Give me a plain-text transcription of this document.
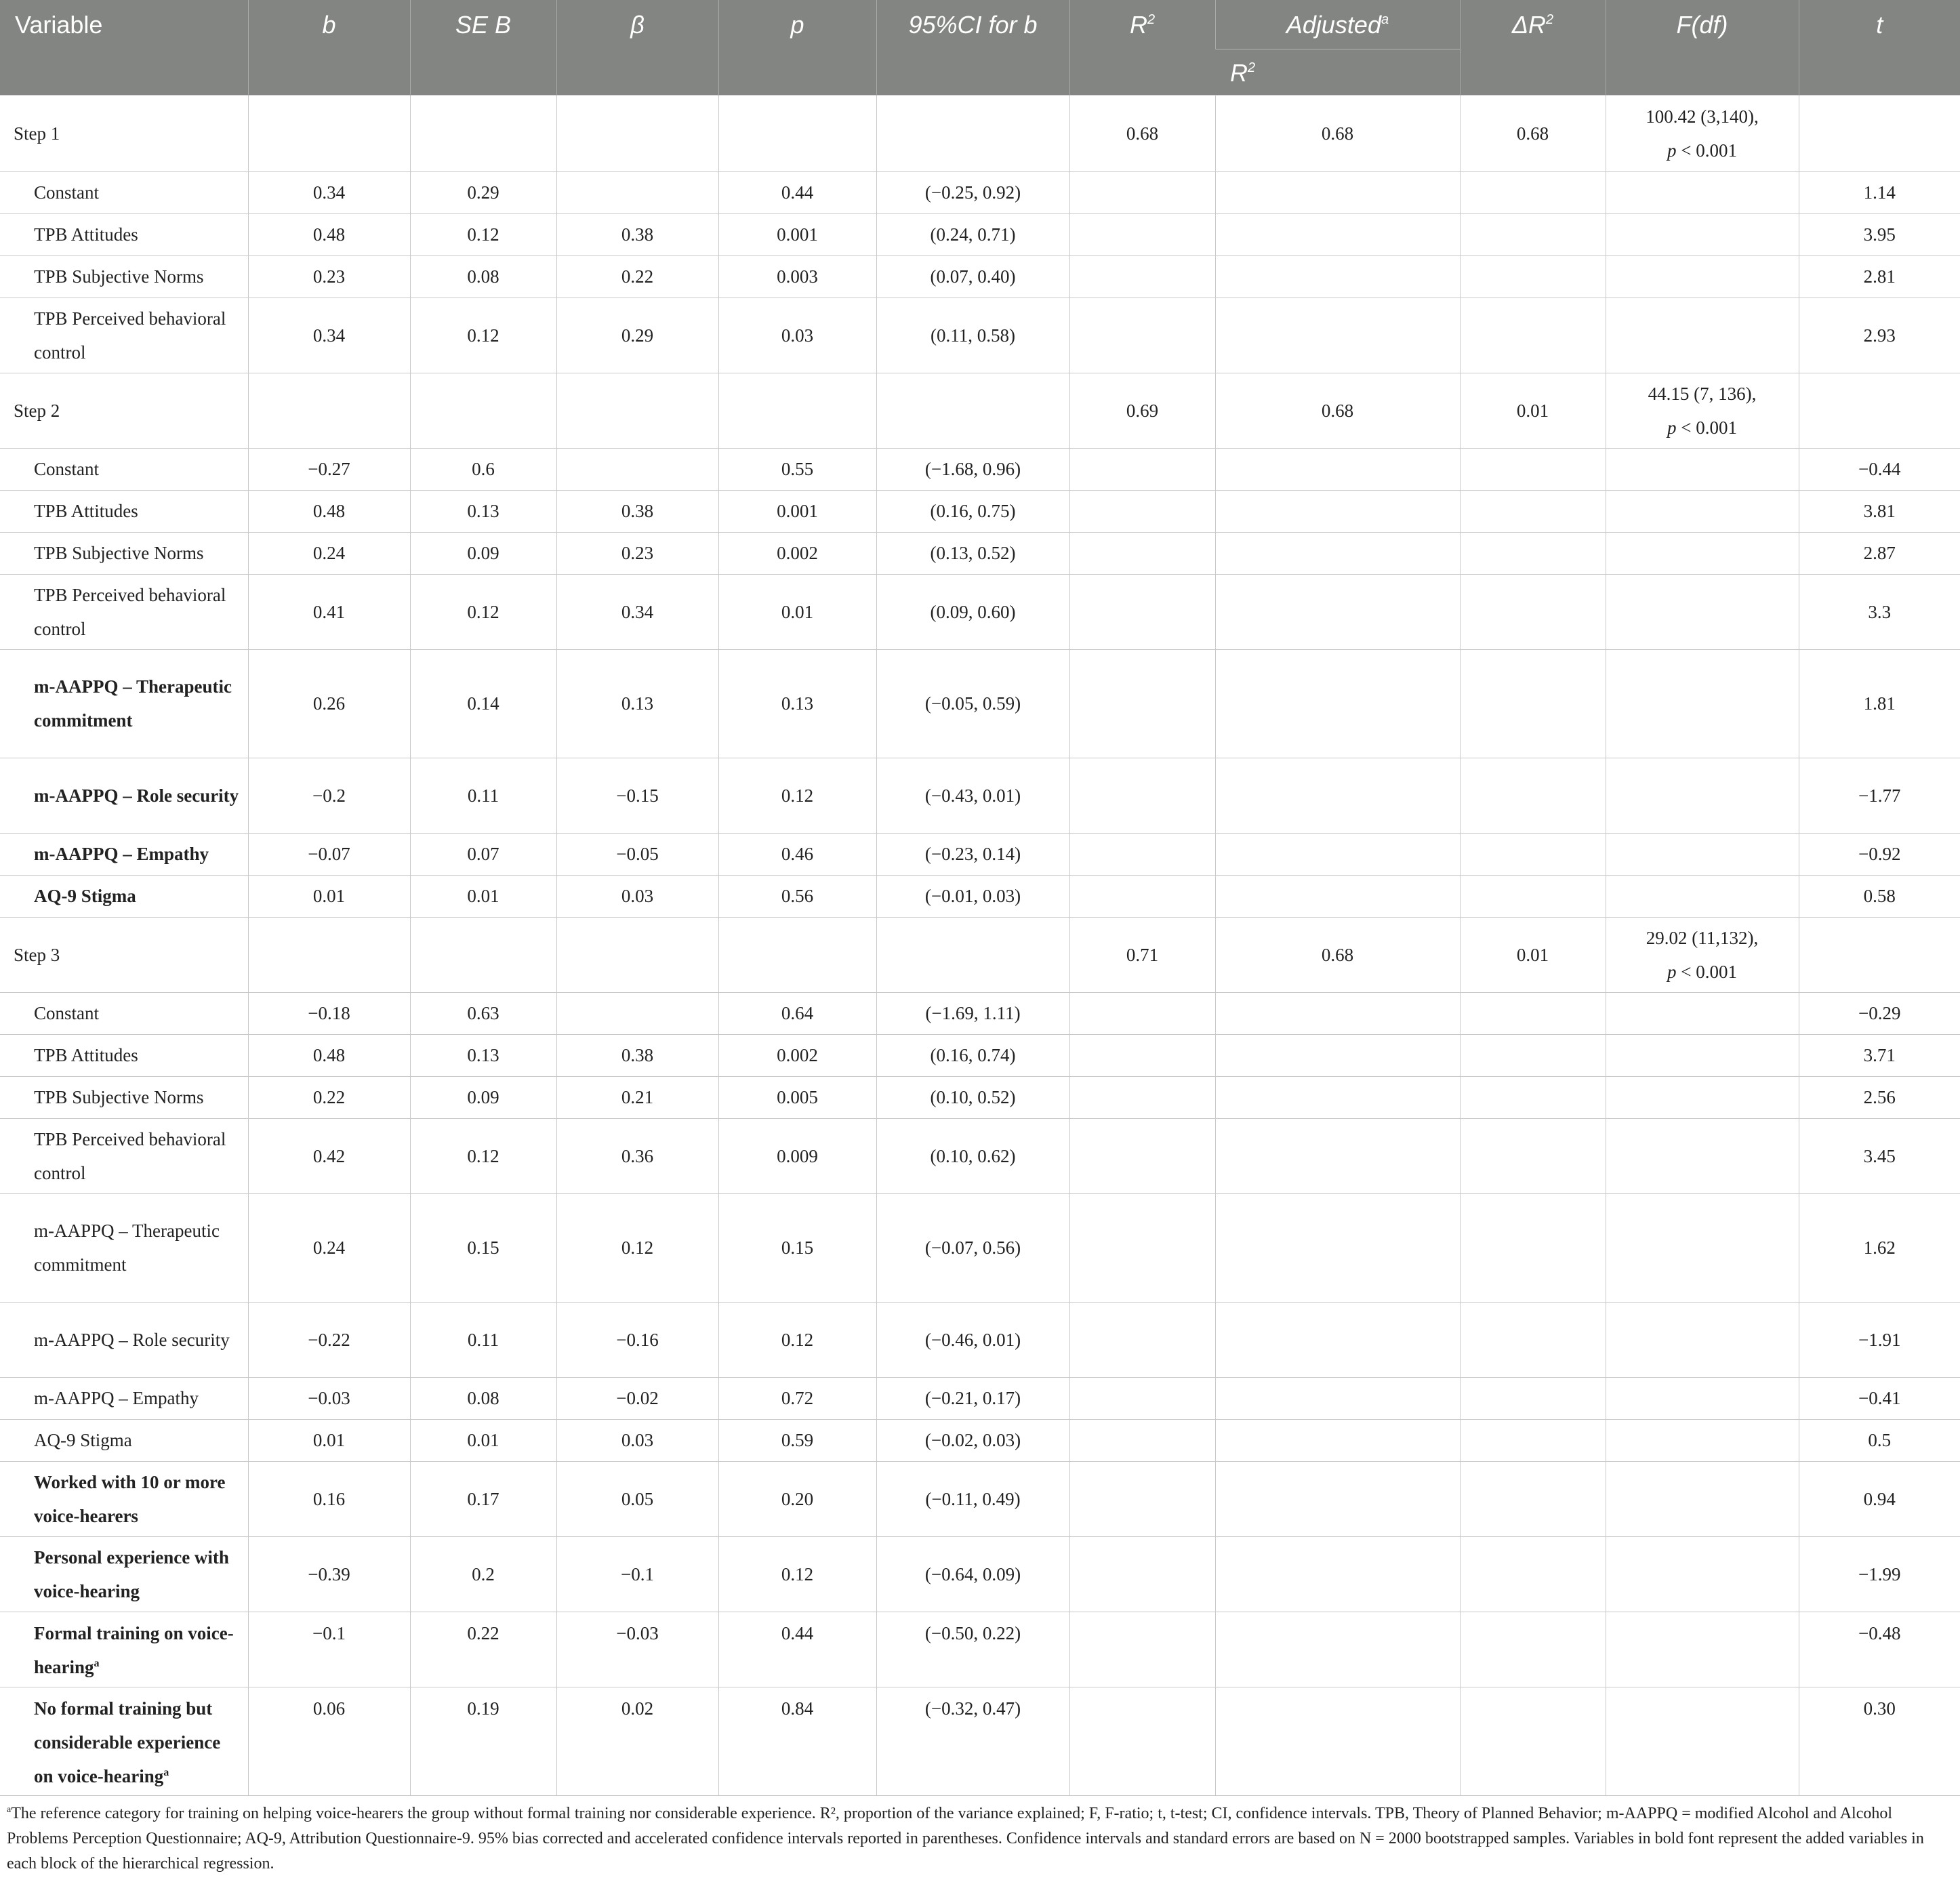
Variable	b	SE B	β	p	95%CI for b	$R^2$	Adjusted$^a$	$\Delta R^2$	F(df)	t
							$R^2$
Step 1						0.68	0.68	0.68	100.42 (3,140),
p < 0.001	

Constant	0.34	0.29		0.44	(−0.25, 0.92)					1.14
TPB Attitudes	0.48	0.12	0.38	0.001	(0.24, 0.71)					3.95
TPB Subjective Norms	0.23	0.08	0.22	0.003	(0.07, 0.40)					2.81
TPB Perceived behavioral control	0.34	0.12	0.29	0.03	(0.11, 0.58)					2.93
Step 2						0.69	0.68	0.01	44.15 (7, 136),
p < 0.001	

Constant	−0.27	0.6		0.55	(−1.68, 0.96)					−0.44
TPB Attitudes	0.48	0.13	0.38	0.001	(0.16, 0.75)					3.81
TPB Subjective Norms	0.24	0.09	0.23	0.002	(0.13, 0.52)					2.87
TPB Perceived behavioral control	0.41	0.12	0.34	0.01	(0.09, 0.60)					3.3
m-AAPPQ – Therapeutic commitment	0.26	0.14	0.13	0.13	(−0.05, 0.59)					1.81
m-AAPPQ – Role security	−0.2	0.11	−0.15	0.12	(−0.43, 0.01)					−1.77
m-AAPPQ – Empathy	−0.07	0.07	−0.05	0.46	(−0.23, 0.14)					−0.92
AQ-9 Stigma	0.01	0.01	0.03	0.56	(−0.01, 0.03)					0.58
Step 3						0.71	0.68	0.01	29.02 (11,132),
p < 0.001	

Constant	−0.18	0.63		0.64	(−1.69, 1.11)					−0.29
TPB Attitudes	0.48	0.13	0.38	0.002	(0.16, 0.74)					3.71
TPB Subjective Norms	0.22	0.09	0.21	0.005	(0.10, 0.52)					2.56
TPB Perceived behavioral control	0.42	0.12	0.36	0.009	(0.10, 0.62)					3.45
m-AAPPQ – Therapeutic commitment	0.24	0.15	0.12	0.15	(−0.07, 0.56)					1.62
m-AAPPQ – Role security	−0.22	0.11	−0.16	0.12	(−0.46, 0.01)					−1.91
m-AAPPQ – Empathy	−0.03	0.08	−0.02	0.72	(−0.21, 0.17)					−0.41
AQ-9 Stigma	0.01	0.01	0.03	0.59	(−0.02, 0.03)					0.5
Worked with 10 or more voice-hearers	0.16	0.17	0.05	0.20	(−0.11, 0.49)					0.94
Personal experience with voice-hearing	−0.39	0.2	−0.1	0.12	(−0.64, 0.09)					−1.99
Formal training on voice-hearing$^a$	−0.1	0.22	−0.03	0.44	(−0.50, 0.22)					−0.48
No formal training but considerable experience on voice-hearing$^a$	0.06	0.19	0.02	0.84	(−0.32, 0.47)					0.30
$^a$The reference category for training on helping voice-hearers the group without formal training nor considerable experience. R², proportion of the variance explained; F, F-ratio; t, t-test; CI, confidence intervals. TPB, Theory of Planned Behavior; m-AAPPQ = modified Alcohol and Alcohol Problems Perception Questionnaire; AQ-9, Attribution Questionnaire-9. 95% bias corrected and accelerated confidence intervals reported in parentheses. Confidence intervals and standard errors are based on N = 2000 bootstrapped samples. Variables in bold font represent the added variables in each block of the hierarchical regression.
